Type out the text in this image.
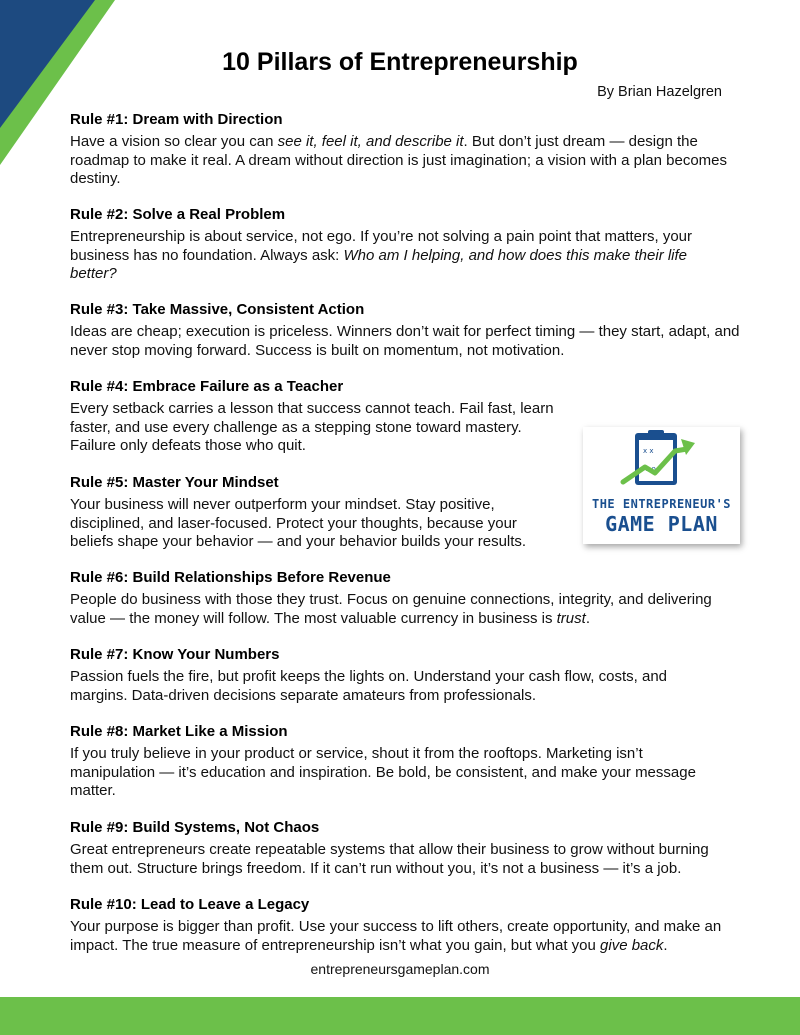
10 Pillars of Entrepreneurship
By Brian Hazelgren
Rule #1: Dream with Direction

Have a vision so clear you can see it, feel it, and describe it. But don’t just dream — design the roadmap to make it real. A dream without direction is just imagination; a vision with a plan becomes destiny.

Rule #2: Solve a Real Problem

Entrepreneurship is about service, not ego. If you’re not solving a pain point that matters, your business has no foundation. Always ask: Who am I helping, and how does this make their life better?

Rule #3: Take Massive, Consistent Action

Ideas are cheap; execution is priceless. Winners don’t wait for perfect timing — they start, adapt, and never stop moving forward. Success is built on momentum, not motivation.

Rule #4: Embrace Failure as a Teacher

Every setback carries a lesson that success cannot teach. Fail fast, learn faster, and use every challenge as a stepping stone toward mastery. Failure only defeats those who quit.

Rule #5: Master Your Mindset

Your business will never outperform your mindset. Stay positive, disciplined, and laser-focused. Protect your thoughts, because your beliefs shape your behavior — and your behavior builds your results.

Rule #6: Build Relationships Before Revenue

People do business with those they trust. Focus on genuine connections, integrity, and delivering value — the money will follow. The most valuable currency in business is trust.

Rule #7: Know Your Numbers

Passion fuels the fire, but profit keeps the lights on. Understand your cash flow, costs, and margins. Data-driven decisions separate amateurs from professionals.

Rule #8: Market Like a Mission

If you truly believe in your product or service, shout it from the rooftops. Marketing isn’t manipulation — it’s education and inspiration. Be bold, be consistent, and make your message matter.

Rule #9: Build Systems, Not Chaos

Great entrepreneurs create repeatable systems that allow their business to grow without burning them out. Structure brings freedom. If it can’t run without you, it’s not a business — it’s a job.

Rule #10: Lead to Leave a Legacy

Your purpose is bigger than profit. Use your success to lift others, create opportunity, and make an impact. The true measure of entrepreneurship isn’t what you gain, but what you give back.

x x
o o
THE ENTREPRENEUR'S
GAME PLAN
entrepreneursgameplan.com
